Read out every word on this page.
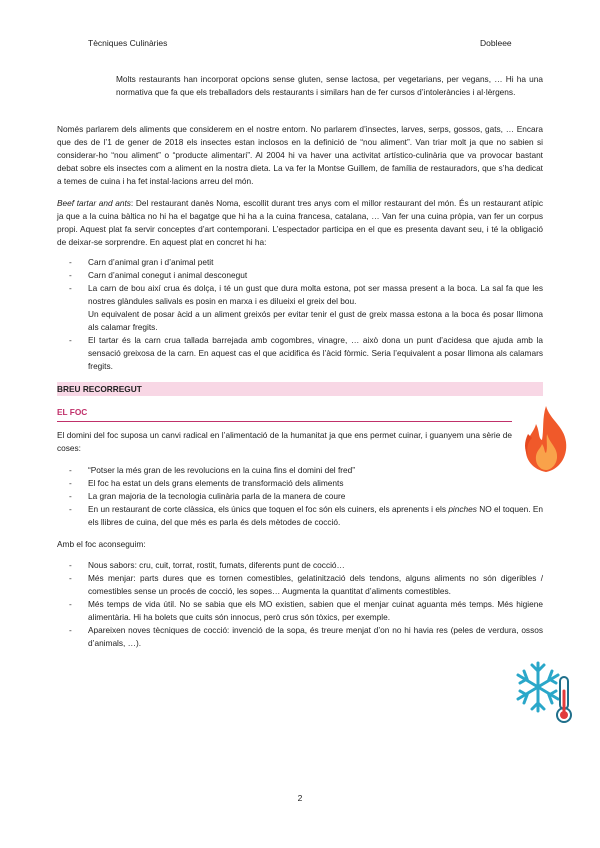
Tècniques Culinàries	Dobleee

Molts restaurants han incorporat opcions sense gluten, sense lactosa, per vegetarians, per vegans, … Hi ha una normativa que fa que els treballadors dels restaurants i similars han de fer cursos d’intoleràncies i al·lèrgens.

Només parlarem dels aliments que considerem en el nostre entorn. No parlarem d’insectes, larves, serps, gossos, gats, … Encara que des de l’1 de gener de 2018 els insectes estan inclosos en la definició de “nou aliment”. Van triar molt ja que no sabien si considerar-ho “nou aliment” o “producte alimentari”. Al 2004 hi va haver una activitat artístico-culinària que va provocar bastant debat sobre els insectes com a aliment en la nostra dieta. La va fer la Montse Guillem, de família de restauradors, que s’ha dedicat a temes de cuina i ha fet instal·lacions arreu del món.

Beef tartar and ants: Del restaurant danès Noma, escollit durant tres anys com el millor restaurant del món. És un restaurant atípic ja que a la cuina bàltica no hi ha el bagatge que hi ha a la cuina francesa, catalana, … Van fer una cuina pròpia, van fer un corpus propi. Aquest plat fa servir conceptes d’art contemporani. L’espectador participa en el que es presenta davant seu, i té la obligació de deixar-se sorprendre. En aquest plat en concret hi ha:

- Carn d’animal gran i d’animal petit
- Carn d’animal conegut i animal desconegut
- La carn de bou així crua és dolça, i té un gust que dura molta estona, pot ser massa present a la boca. La sal fa que les nostres glàndules salivals es posin en marxa i es dilueixi el greix del bou.
Un equivalent de posar àcid a un aliment greixós per evitar tenir el gust de greix massa estona a la boca és posar llimona als calamar fregits.
- El tartar és la carn crua tallada barrejada amb cogombres, vinagre, … això dona un punt d’acidesa que ajuda amb la sensació greixosa de la carn. En aquest cas el que acidifica és l’àcid fòrmic. Seria l’equivalent a posar llimona als calamars fregits.
BREU RECORREGUT
EL FOC

El domini del foc suposa un canvi radical en l’alimentació de la humanitat ja que ens permet cuinar, i guanyem una sèrie de coses:

- “Potser la més gran de les revolucions en la cuina fins el domini del fred”
- El foc ha estat un dels grans elements de transformació dels aliments
- La gran majoria de la tecnologia culinària parla de la manera de coure
- En un restaurant de corte clàssica, els únics que toquen el foc són els cuiners, els aprenents i els pinches NO el toquen. En els llibres de cuina, del que més es parla és dels mètodes de cocció.

Amb el foc aconseguim:

- Nous sabors: cru, cuit, torrat, rostit, fumats, diferents punt de cocció…
- Més menjar: parts dures que es tornen comestibles, gelatinització dels tendons, alguns aliments no són digeribles / comestibles sense un procés de cocció, les sopes… Augmenta la quantitat d’aliments comestibles.
- Més temps de vida útil. No se sabia que els MO existien, sabien que el menjar cuinat aguanta més temps. Més higiene alimentària. Hi ha bolets que cuits són innocus, però crus són tòxics, per exemple.
- Apareixen noves tècniques de cocció: invenció de la sopa, és treure menjat d’on no hi havia res (peles de verdura, ossos d’animals, …).
2
